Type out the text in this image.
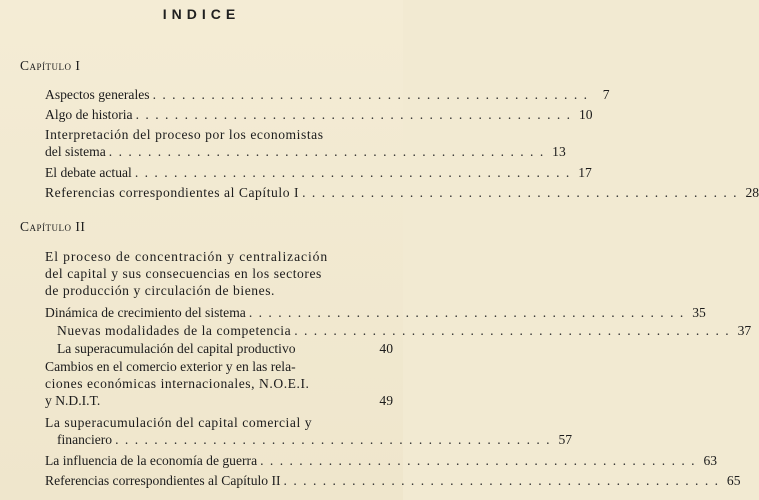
INDICE
Capítulo I
Aspectos generales . . . . . . . . . . . . . . . . . . . . . . . . . . . . . . . . . . . . . . . . . . . . .	7
Algo de historia . . . . . . . . . . . . . . . . . . . . . . . . . . . . . . . . . . . . . . . . . . . . . 10
Interpretación del proceso por los economistas
del sistema . . . . . . . . . . . . . . . . . . . . . . . . . . . . . . . . . . . . . . . . . . . . . 13
El debate actual . . . . . . . . . . . . . . . . . . . . . . . . . . . . . . . . . . . . . . . . . . . . . 17
Referencias correspondientes al Capítulo I . . . . . . . . . . . . . . . . . . . . . . . . . . . . . . . . . . . . . . . . . . . . . 28
Capítulo II
El proceso de concentración y centralización
del capital y sus consecuencias en los sectores
de producción y circulación de bienes.
Dinámica de crecimiento del sistema . . . . . . . . . . . . . . . . . . . . . . . . . . . . . . . . . . . . . . . . . . . . . 35
Nuevas modalidades de la competencia . . . . . . . . . . . . . . . . . . . . . . . . . . . . . . . . . . . . . . . . . . . . . 37
La superacumulación del capital productivo	40
Cambios en el comercio exterior y en las rela-
ciones económicas internacionales, N.O.E.I.
y N.D.I.T.	49
La superacumulación del capital comercial y
financiero . . . . . . . . . . . . . . . . . . . . . . . . . . . . . . . . . . . . . . . . . . . . . 57
La influencia de la economía de guerra . . . . . . . . . . . . . . . . . . . . . . . . . . . . . . . . . . . . . . . . . . . . . 63
Referencias correspondientes al Capítulo II . . . . . . . . . . . . . . . . . . . . . . . . . . . . . . . . . . . . . . . . . . . . . 65
